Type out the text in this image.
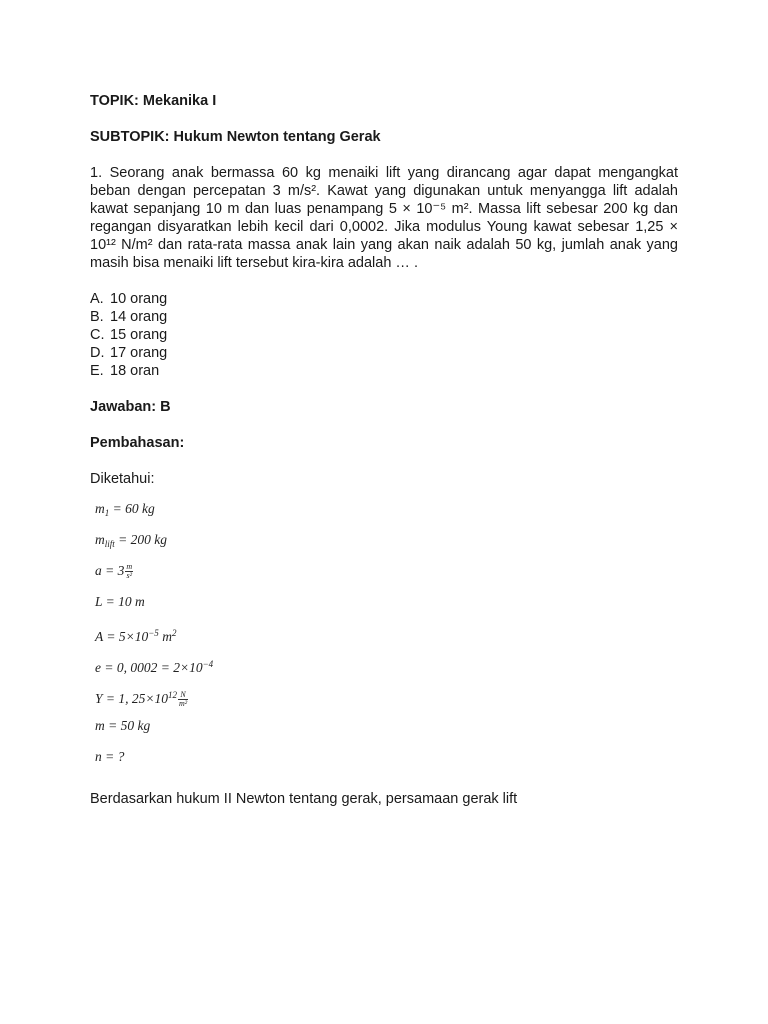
TOPIK: Mekanika I

SUBTOPIK: Hukum Newton tentang Gerak

1. Seorang anak bermassa 60 kg menaiki lift yang dirancang agar dapat mengangkat beban dengan percepatan 3 m/s². Kawat yang digunakan untuk menyangga lift adalah kawat sepanjang 10 m dan luas penampang 5 × 10⁻⁵ m². Massa lift sebesar 200 kg dan regangan disyaratkan lebih kecil dari 0,0002. Jika modulus Young kawat sebesar 1,25 × 10¹² N/m² dan rata-rata massa anak lain yang akan naik adalah 50 kg, jumlah anak yang masih bisa menaiki lift tersebut kira-kira adalah … .

A. 10 orang
B. 14 orang
C. 15 orang
D. 17 orang
E. 18 oran

Jawaban: B

Pembahasan:

Diketahui:

$m_1 = 60$ kg
$m_{lift} = 200$ kg
$a = 3 \frac{m}{\text{s²}}$
L = 10 m
$A = 5\times 10^{-5}$ $m^2$
e = 0, $0002 = 2\times 10^{-4}$
Y = 1, $25\times 10^{12} \frac{N}{\text{m²}}$
m = 50 kg
n = ?

Berdasarkan hukum II Newton tentang gerak, persamaan gerak lift
